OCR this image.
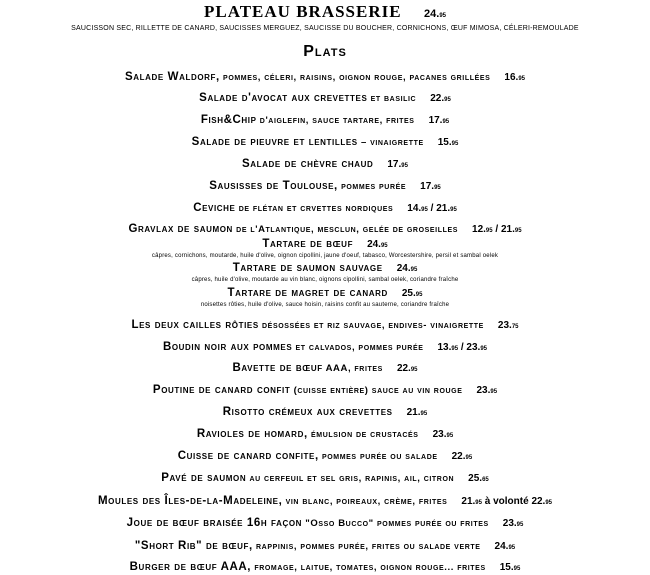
PLATEAU BRASSERIE 24.95
SAUCISSON SEC, RILLETTE DE CANARD, SAUCISSES MERGUEZ, SAUCISSE DU BOUCHER, CORNICHONS, ŒUF MIMOSA, CÉLERI-REMOULADE
Plats
Salade Waldorf, pommes, céleri, raisins, oignon rouge, pacanes grillées 16.95
Salade d'avocat aux crevettes et basilic 22.95
Fish&Chip d'aiglefin, sauce tartare, frites 17.95
Salade de pieuvre et lentilles – vinaigrette 15.95
Salade de chèvre chaud 17.95
Sausisses de Toulouse, pommes purée 17.95
Ceviche de flétan et crvettes nordiques 14.95 / 21.95
Gravlax de saumon de l'Atlantique, mesclun, gelée de groseilles 12.95 / 21.95
Tartare de bœuf 24.95
câpres, cornichons, moutarde, huile d'olive, oignon cipollini, jaune d'oeuf, tabasco, Worcestershire, persil et sambal oelek
Tartare de saumon sauvage 24.95
câpres, huile d'olive, moutarde au vin blanc, oignons cipollini, sambal oelek, coriandre fraîche
Tartare de magret de canard 25.95
noisettes rôties, huile d'olive, sauce hoisin, raisins confit au sauterne, coriandre fraîche
Les deux cailles rôties désossées et riz sauvage, endives- vinaigrette 23.75
Boudin noir aux pommes et calvados, pommes purée 13.95 / 23.95
Bavette de bœuf AAA, frites 22.95
Poutine de canard confit (cuisse entière) sauce au vin rouge 23.95
Risotto crémeux aux crevettes 21.95
Ravioles de homard, émulsion de crustacés 23.95
Cuisse de canard confite, pommes purée ou salade 22.95
Pavé de saumon au cerfeuil et sel gris, rapinis, ail, citron 25.65
Moules des Îles-de-la-Madeleine, vin blanc, poireaux, crème, frites 21.95 à volonté 22.95
Joue de bœuf braisée 16h façon "Osso Bucco" pommes purée ou frites 23.95
"Short Rib" de bœuf, rappinis, pommes purée, frites ou salade verte 24.95
Burger de bœuf AAA, fromage, laitue, tomates, oignon rouge... frites 15.95
